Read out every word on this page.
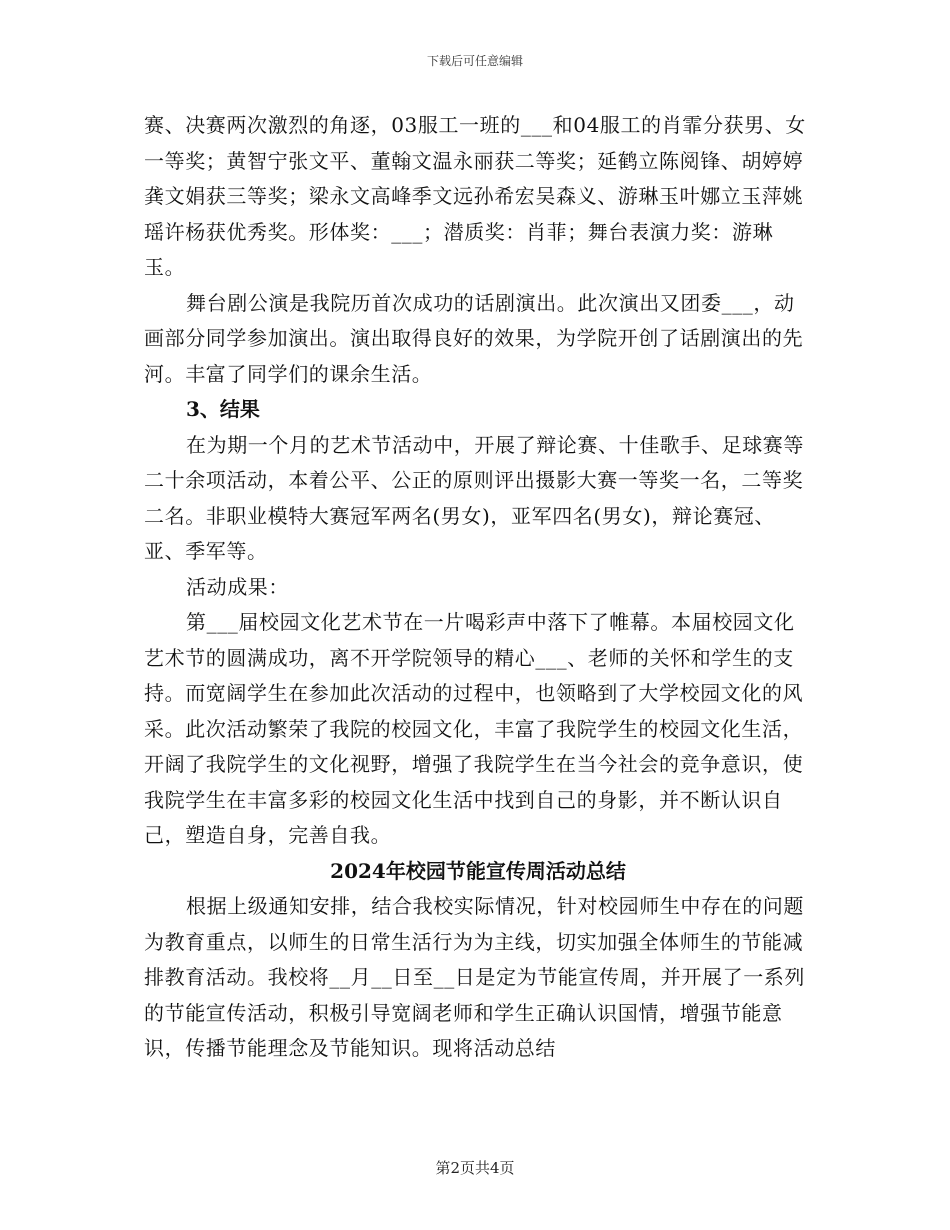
下载后可任意编辑

赛、决赛两次激烈的角逐，03服工一班的___和04服工的肖霏分获男、女一等奖；黄智宁张文平、董翰文温永丽获二等奖；延鹤立陈阅锋、胡婷婷龚文娟获三等奖；梁永文高峰季文远孙希宏吴森义、游琳玉叶娜立玉萍姚瑶许杨获优秀奖。形体奖：___；潜质奖：肖菲；舞台表演力奖：游琳玉。

舞台剧公演是我院历首次成功的话剧演出。此次演出又团委___，动画部分同学参加演出。演出取得良好的效果，为学院开创了话剧演出的先河。丰富了同学们的课余生活。

3、结果

在为期一个月的艺术节活动中，开展了辩论赛、十佳歌手、足球赛等二十余项活动，本着公平、公正的原则评出摄影大赛一等奖一名，二等奖二名。非职业模特大赛冠军两名(男女)，亚军四名(男女)，辩论赛冠、亚、季军等。

活动成果：

第___届校园文化艺术节在一片喝彩声中落下了帷幕。本届校园文化艺术节的圆满成功，离不开学院领导的精心___、老师的关怀和学生的支持。而宽阔学生在参加此次活动的过程中，也领略到了大学校园文化的风采。此次活动繁荣了我院的校园文化，丰富了我院学生的校园文化生活，开阔了我院学生的文化视野，增强了我院学生在当今社会的竞争意识，使我院学生在丰富多彩的校园文化生活中找到自己的身影，并不断认识自己，塑造自身，完善自我。

2024年校园节能宣传周活动总结

根据上级通知安排，结合我校实际情况，针对校园师生中存在的问题为教育重点，以师生的日常生活行为为主线，切实加强全体师生的节能减排教育活动。我校将__月__日至__日是定为节能宣传周，并开展了一系列的节能宣传活动，积极引导宽阔老师和学生正确认识国情，增强节能意识，传播节能理念及节能知识。现将活动总结

第2页共4页
